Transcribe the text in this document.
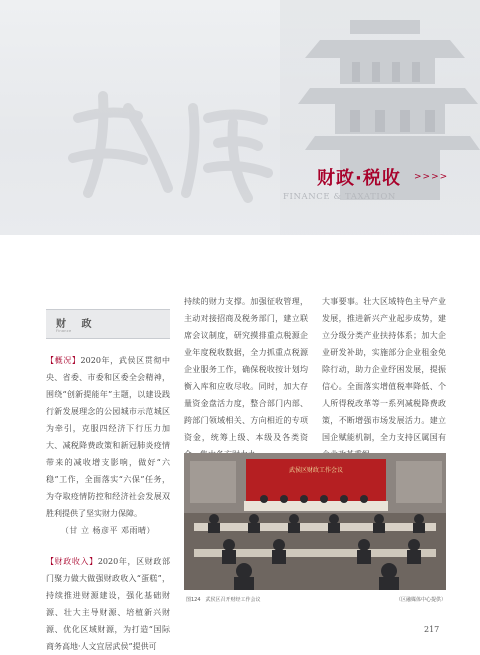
财政·税收 >>>>
FINANCE & TAXATION
财 政
Finance

【概况】2020年，武侯区贯彻中央、省委、市委和区委全会精神，围绕“创新提能年”主题，以建设践行新发展理念的公园城市示范城区为牵引，克服四经济下行压力加大、减税降费政策和新冠肺炎疫情带来的减收增支影响，做好“六稳”工作，全面落实“六保”任务，为夺取疫情防控和经济社会发展双胜利提供了坚实财力保障。

（甘 立 杨彦平 邓雨晴）

【财政收入】2020年，区财政部门聚力做大做强财政收入“蛋糕”，持续推进财源建设，强化基础财源、壮大主导财源、培植新兴财源、优化区域财源，为打造“国际商务高地·人文宜居武侯”提供可

持续的财力支撑。加强征收管理，主动对接招商及税务部门，建立联席会议制度，研究摸排重点税源企业年度税收数据，全力抓重点税源企业服务工作，确保税收按计划均衡入库和应收尽收。同时，加大存量资金盘活力度，整合部门内部、跨部门领域相关、方向相近的专项资金，统筹上级、本级及各类资

大事要事。壮大区域特色主导产业发展，推进新兴产业起步成势，建立分级分类产业扶持体系；加大企业研发补助，实施部分企业租金免除行动，助力企业纾困发展，提振信心。全面落实增值税率降低、个人所得税改革等一系列减税降费政策，不断增强市场发展活力。建立国企赋能机制，全力支持区属国有

武侯区财政工作会议
图124　武侯区召开财经工作会议	（区融媒体中心提供）
217
